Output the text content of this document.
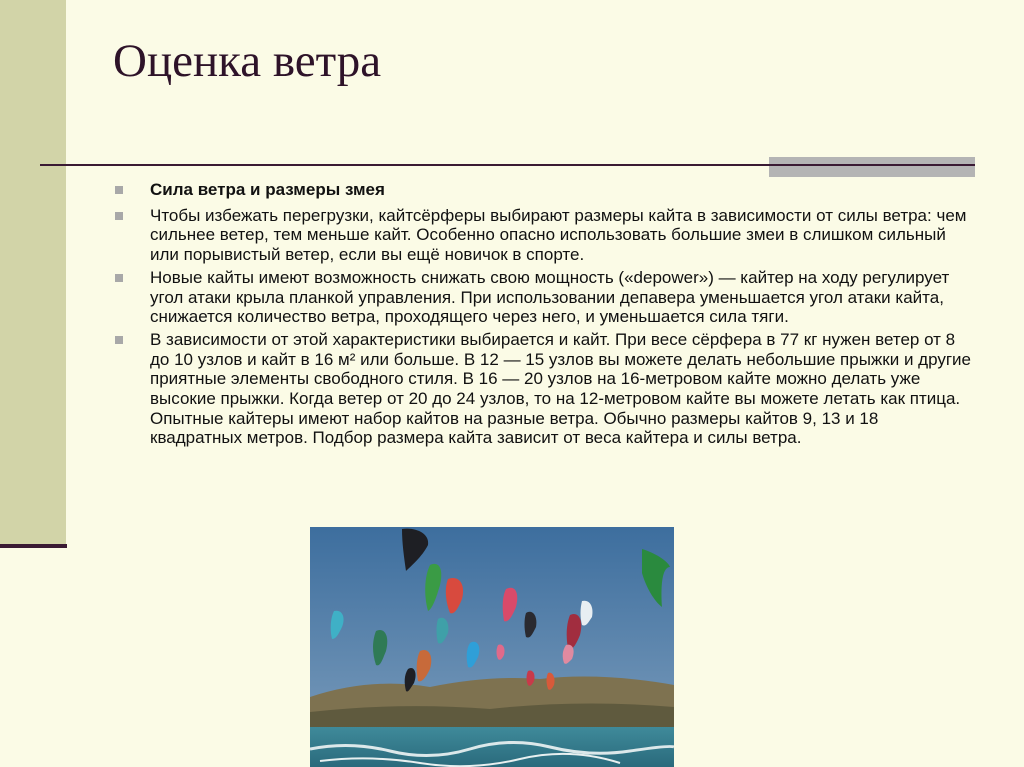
Оценка ветра
Сила ветра и размеры змея
Чтобы избежать перегрузки, кайтсёрферы выбирают размеры кайта в зависимости от силы ветра: чем сильнее ветер, тем меньше кайт. Особенно опасно использовать большие змеи в слишком сильный или порывистый ветер, если вы ещё новичок в спорте.
Новые кайты имеют возможность снижать свою мощность («depower») — кайтер на ходу регулирует угол атаки крыла планкой управления. При использовании депавера уменьшается угол атаки кайта, снижается количество ветра, проходящего через него, и уменьшается сила тяги.
В зависимости от этой характеристики выбирается и кайт. При весе сёрфера в 77 кг нужен ветер от 8 до 10 узлов и кайт в 16 м² или больше. В 12 — 15 узлов вы можете делать небольшие прыжки и другие приятные элементы свободного стиля. В 16 — 20 узлов на 16-метровом кайте можно делать уже высокие прыжки. Когда ветер от 20 до 24 узлов, то на 12-метровом кайте вы можете летать как птица. Опытные кайтеры имеют набор кайтов на разные ветра. Обычно размеры кайтов 9, 13 и 18 квадратных метров. Подбор размера кайта зависит от веса кайтера и силы ветра.
